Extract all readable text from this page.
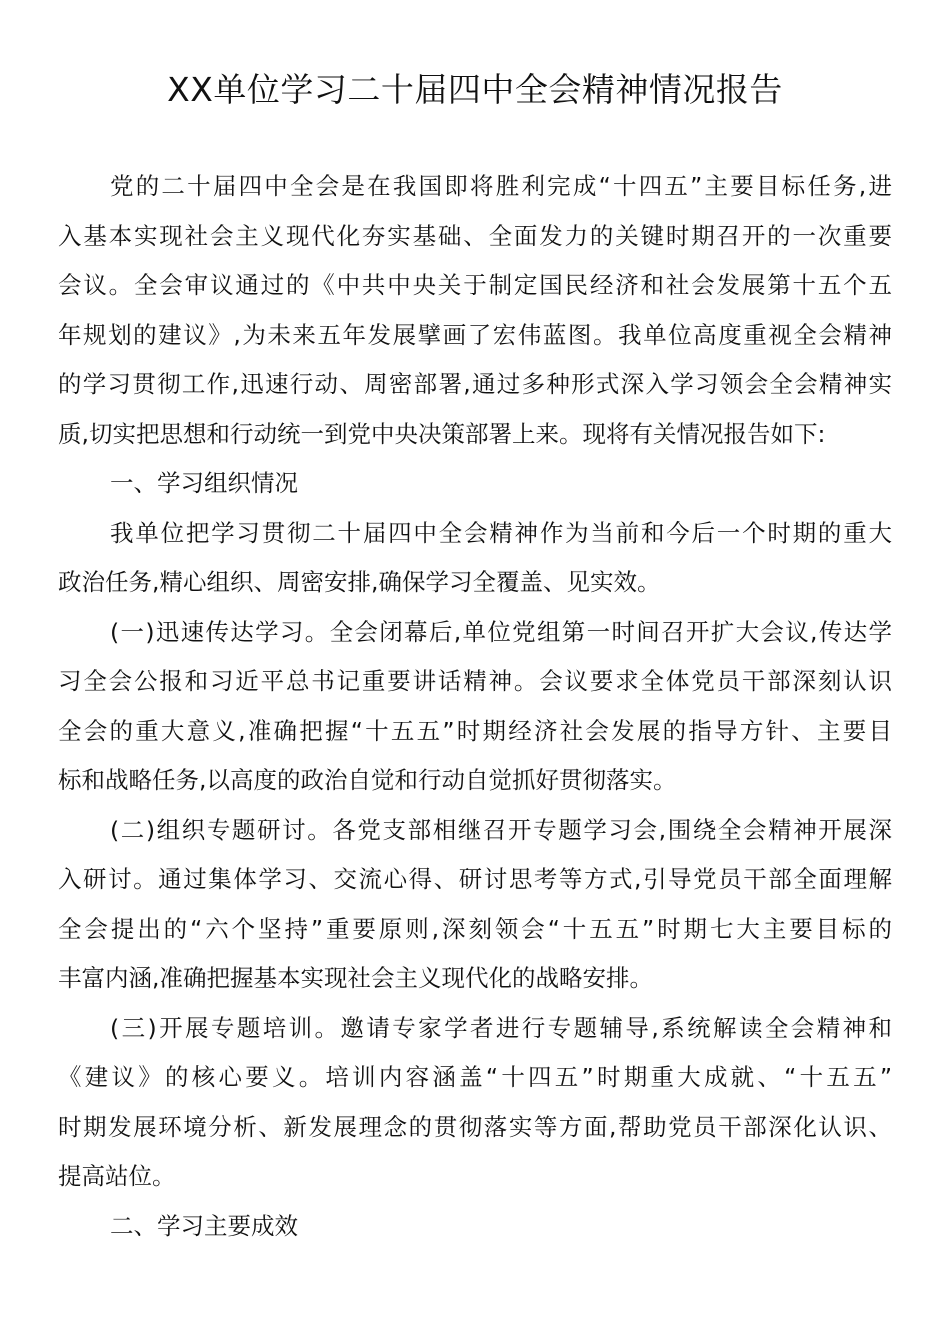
XX单位学习二十届四中全会精神情况报告
党的二十届四中全会是在我国即将胜利完成“十四五”主要目标任务,进
入基本实现社会主义现代化夯实基础、全面发力的关键时期召开的一次重要
会议。全会审议通过的《中共中央关于制定国民经济和社会发展第十五个五
年规划的建议》,为未来五年发展擘画了宏伟蓝图。我单位高度重视全会精神
的学习贯彻工作,迅速行动、周密部署,通过多种形式深入学习领会全会精神实
质,切实把思想和行动统一到党中央决策部署上来。现将有关情况报告如下:
一、学习组织情况
我单位把学习贯彻二十届四中全会精神作为当前和今后一个时期的重大
政治任务,精心组织、周密安排,确保学习全覆盖、见实效。
(一)迅速传达学习。全会闭幕后,单位党组第一时间召开扩大会议,传达学
习全会公报和习近平总书记重要讲话精神。会议要求全体党员干部深刻认识
全会的重大意义,准确把握“十五五”时期经济社会发展的指导方针、主要目
标和战略任务,以高度的政治自觉和行动自觉抓好贯彻落实。
(二)组织专题研讨。各党支部相继召开专题学习会,围绕全会精神开展深
入研讨。通过集体学习、交流心得、研讨思考等方式,引导党员干部全面理解
全会提出的“六个坚持”重要原则,深刻领会“十五五”时期七大主要目标的
丰富内涵,准确把握基本实现社会主义现代化的战略安排。
(三)开展专题培训。邀请专家学者进行专题辅导,系统解读全会精神和
《建议》的核心要义。培训内容涵盖“十四五”时期重大成就、“十五五”
时期发展环境分析、新发展理念的贯彻落实等方面,帮助党员干部深化认识、
提高站位。
二、学习主要成效
